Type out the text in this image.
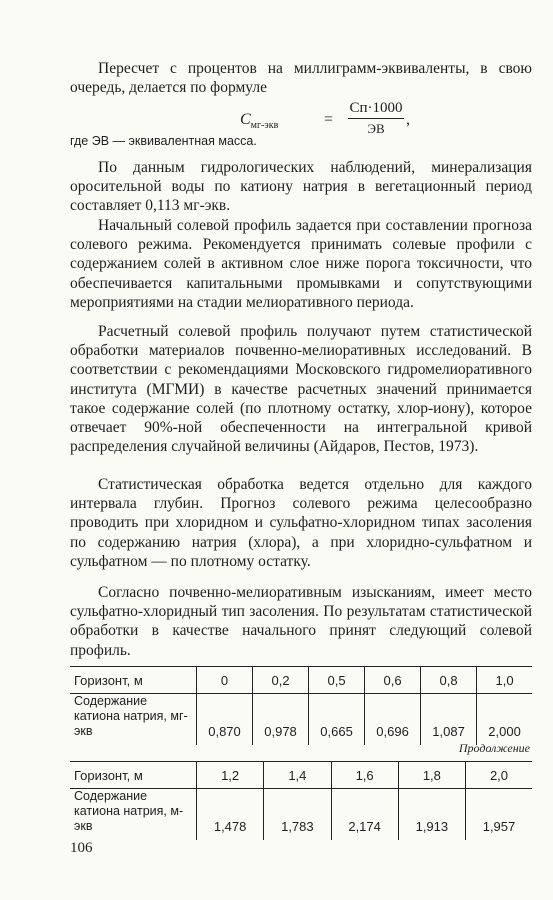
Пересчет с процентов на миллиграмм-эквиваленты, в свою очередь, делается по формуле

$C_{мг-экв}$	=
Cп·1000
ЭВ
,
где ЭВ — эквивалентная масса.

По данным гидрологических наблюдений, минерализация оросительной воды по катиону натрия в вегетационный период составляет 0,113 мг-экв.

Начальный солевой профиль задается при составлении прогноза солевого режима. Рекомендуется принимать солевые профили с содержанием солей в активном слое ниже порога токсичности, что обеспечивается капитальными промывками и сопутствующими мероприятиями на стадии мелиоративного периода.

Расчетный солевой профиль получают путем статистической обработки материалов почвенно-мелиоративных исследований. В соответствии с рекомендациями Московского гидромелиоративного института (МГМИ) в качестве расчетных значений принимается такое содержание солей (по плотному остатку, хлор-иону), которое отвечает 90%-ной обеспеченности на интегральной кривой распределения случайной величины (Айдаров, Пестов, 1973).

Статистическая обработка ведется отдельно для каждого интервала глубин. Прогноз солевого режима целесообразно проводить при хлоридном и сульфатно-хлоридном типах засоления по содержанию натрия (хлора), а при хлоридно-сульфатном и сульфатном — по плотному остатку.

Согласно почвенно-мелиоративным изысканиям, имеет место сульфатно-хлоридный тип засоления. По результатам статистической обработки в качестве начального принят следующий солевой профиль.

Горизонт, м	0	0,2	0,5	0,6	0,8	1,0
Содержание катиона натрия, мг-экв	0,870	0,978	0,665	0,696	1,087	2,000
Продолжение
Горизонт, м	1,2	1,4	1,6	1,8	2,0
Содержание катиона натрия, м-экв	1,478	1,783	2,174	1,913	1,957
106
